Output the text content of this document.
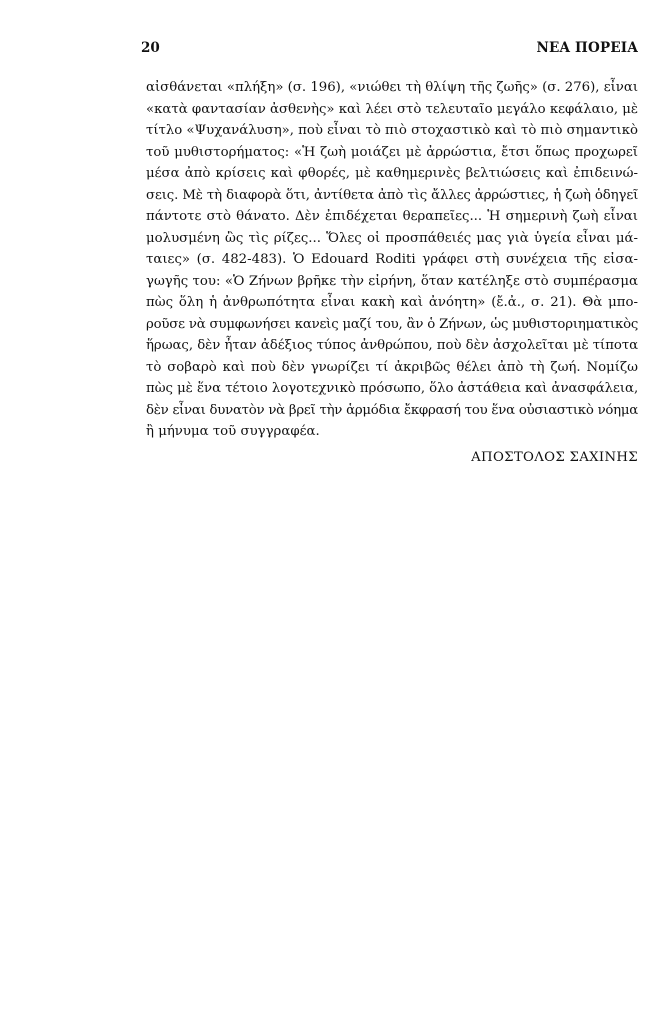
20	ΝΕΑ ΠΟΡΕΙΑ
αἰσθάνεται «πλήξη» (σ. 196), «νιώθει τὴ θλίψη τῆς ζωῆς» (σ. 276), εἶναι
«κατὰ φαντασίαν ἀσθενὴς» καὶ λέει στὸ τελευταῖο μεγάλο κεφάλαιο, μὲ
τίτλο «Ψυχανάλυση», ποὺ εἶναι τὸ πιὸ στοχαστικὸ καὶ τὸ πιὸ σημαντικὸ
τοῦ μυθιστορήματος: «Ἡ ζωὴ μοιάζει μὲ ἀρρώστια, ἔτσι ὅπως προχωρεῖ
μέσα ἀπὸ κρίσεις καὶ φθορές, μὲ καθημερινὲς βελτιώσεις καὶ ἐπιδεινώ-
σεις. Μὲ τὴ διαφορὰ ὅτι, ἀντίθετα ἀπὸ τὶς ἄλλες ἀρρώστιες, ἡ ζωὴ ὁδηγεῖ
πάντοτε στὸ θάνατο. Δὲν ἐπιδέχεται θεραπεῖες... Ἡ σημερινὴ ζωὴ εἶναι
μολυσμένη ὣς τὶς ρίζες... Ὅλες οἱ προσπάθειές μας γιὰ ὑγεία εἶναι μά-
ταιες» (σ. 482-483). Ὁ Edouard Roditi γράφει στὴ συνέχεια τῆς εἰσα-
γωγῆς του: «Ὁ Ζήνων βρῆκε τὴν εἰρήνη, ὅταν κατέληξε στὸ συμπέρασμα
πὼς ὅλη ἡ ἀνθρωπότητα εἶναι κακὴ καὶ ἀνόητη» (ἔ.ἀ., σ. 21). Θὰ μπο-
ροῦσε νὰ συμφωνήσει κανεὶς μαζί του, ἂν ὁ Ζήνων, ὡς μυθιστοριηματικὸς
ἥρωας, δὲν ἦταν ἀδέξιος τύπος ἀνθρώπου, ποὺ δὲν ἀσχολεῖται μὲ τίποτα
τὸ σοβαρὸ καὶ ποὺ δὲν γνωρίζει τί ἀκριβῶς θέλει ἀπὸ τὴ ζωή. Νομίζω
πὼς μὲ ἕνα τέτοιο λογοτεχνικὸ πρόσωπο, ὅλο ἀστάθεια καὶ ἀνασφάλεια,
δὲν εἶναι δυνατὸν νὰ βρεῖ τὴν ἁρμόδια ἔκφρασή του ἕνα οὐσιαστικὸ νόημα
ἢ μήνυμα τοῦ συγγραφέα.
ΑΠΟΣΤΟΛΟΣ ΣΑΧΙΝΗΣ
